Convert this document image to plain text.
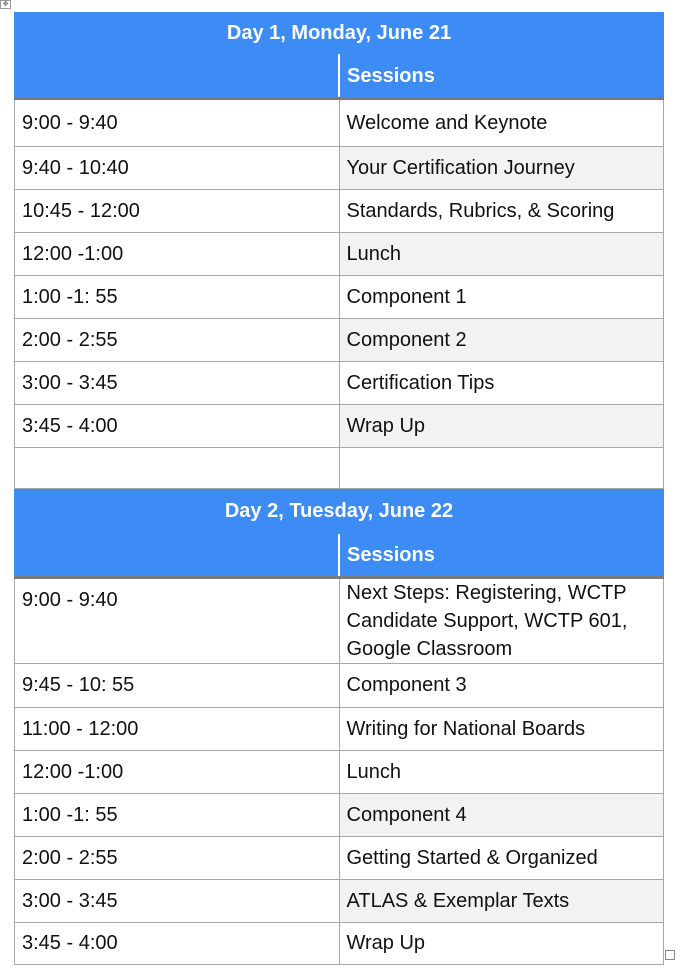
✥
Day 1, Monday, June 21	
	Sessions
9:00 - 9:40	Welcome and Keynote
9:40 - 10:40	Your Certification Journey
10:45 - 12:00	Standards, Rubrics, & Scoring
12:00 -1:00	Lunch
1:00 -1: 55	Component 1
2:00 - 2:55	Component 2
3:00 - 3:45	Certification Tips
3:45 - 4:00	Wrap Up

Day 2, Tuesday, June 22	
	Sessions
9:00 - 9:40	Next Steps: Registering, WCTP Candidate Support, WCTP 601, Google Classroom
9:45 - 10: 55	Component 3
11:00 - 12:00	Writing for National Boards
12:00 -1:00	Lunch
1:00 -1: 55	Component 4
2:00 - 2:55	Getting Started & Organized
3:00 - 3:45	ATLAS & Exemplar Texts
3:45 - 4:00	Wrap Up
